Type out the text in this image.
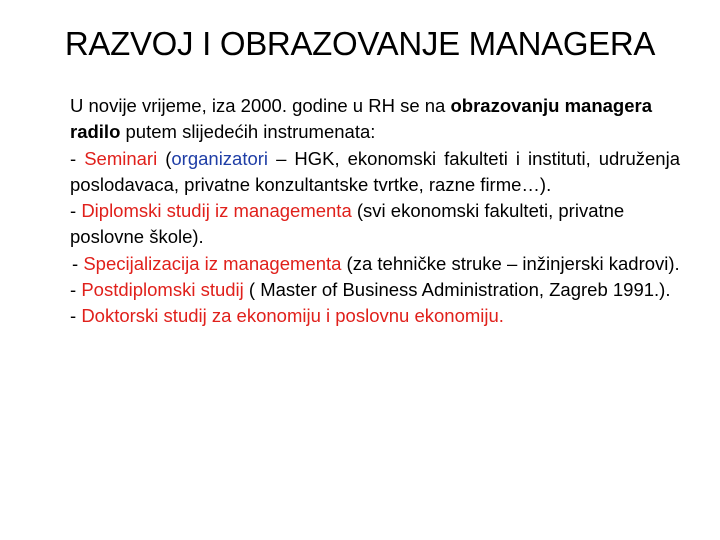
RAZVOJ I OBRAZOVANJE MANAGERA

U novije vrijeme, iza 2000. godine u RH se na obrazovanju managera radilo putem slijedećih instrumenata:

- Seminari (organizatori – HGK, ekonomski fakulteti i instituti, udruženja poslodavaca, privatne konzultantske tvrtke, razne firme…).

- Diplomski studij iz managementa (svi ekonomski fakulteti, privatne poslovne škole).

- Specijalizacija iz managementa (za tehničke struke – inžinjerski kadrovi).

- Postdiplomski studij ( Master of Business Administration, Zagreb 1991.).

- Doktorski studij za ekonomiju i poslovnu ekonomiju.
